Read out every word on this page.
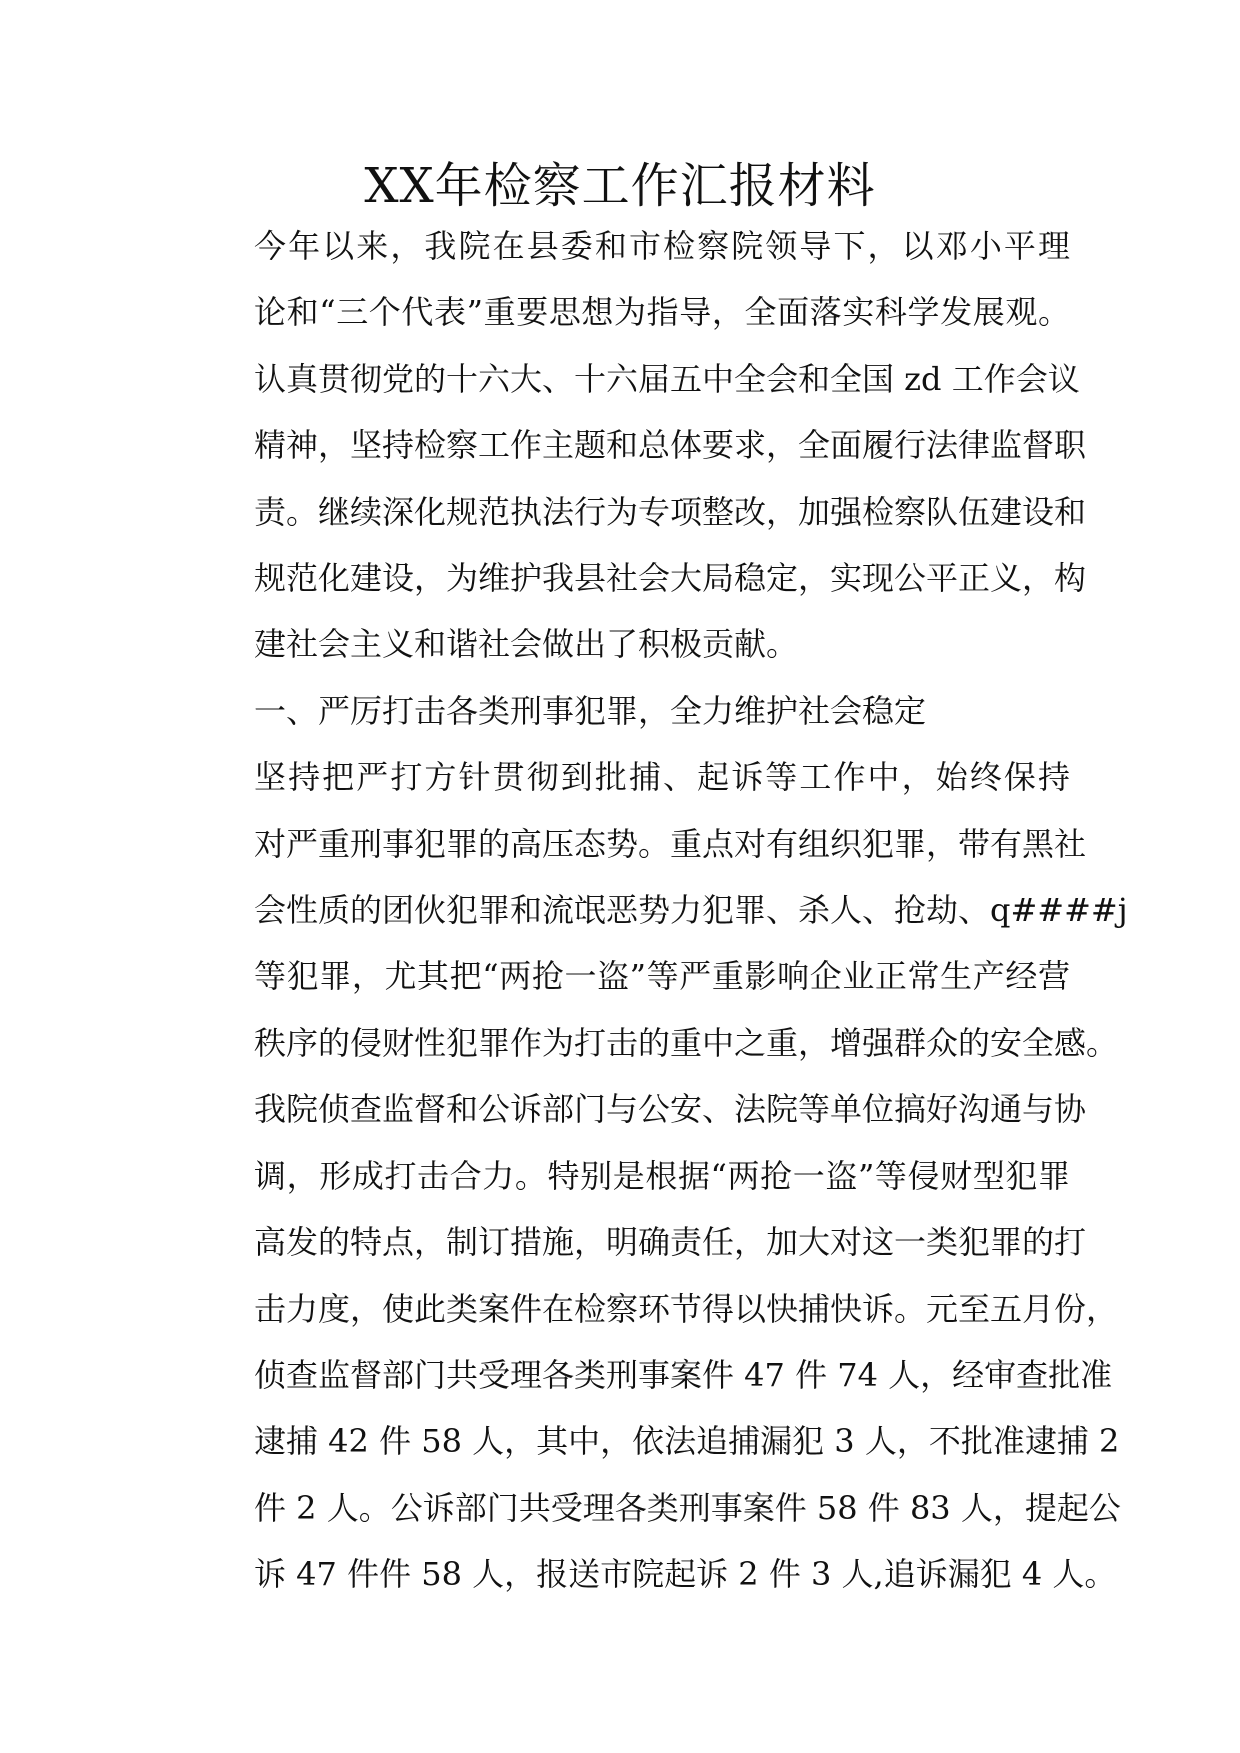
XX年检察工作汇报材料

今年以来，我院在县委和市检察院领导下，以邓小平理
论和“三个代表”重要思想为指导，全面落实科学发展观。
认真贯彻党的十六大、十六届五中全会和全国 zd 工作会议
精神，坚持检察工作主题和总体要求，全面履行法律监督职
责。继续深化规范执法行为专项整改，加强检察队伍建设和
规范化建设，为维护我县社会大局稳定，实现公平正义，构
建社会主义和谐社会做出了积极贡献。

一、严厉打击各类刑事犯罪，全力维护社会稳定

坚持把严打方针贯彻到批捕、起诉等工作中，始终保持
对严重刑事犯罪的高压态势。重点对有组织犯罪，带有黑社
会性质的团伙犯罪和流氓恶势力犯罪、杀人、抢劫、q####j
等犯罪，尤其把“两抢一盗”等严重影响企业正常生产经营
秩序的侵财性犯罪作为打击的重中之重，增强群众的安全感。
我院侦查监督和公诉部门与公安、法院等单位搞好沟通与协
调，形成打击合力。特别是根据“两抢一盗”等侵财型犯罪
高发的特点，制订措施，明确责任，加大对这一类犯罪的打
击力度，使此类案件在检察环节得以快捕快诉。元至五月份，
侦查监督部门共受理各类刑事案件 47 件 74 人，经审查批准
逮捕 42 件 58 人，其中，依法追捕漏犯 3 人，不批准逮捕 2
件 2 人。公诉部门共受理各类刑事案件 58 件 83 人，提起公
诉 47 件件 58 人，报送市院起诉 2 件 3 人,追诉漏犯 4 人。
